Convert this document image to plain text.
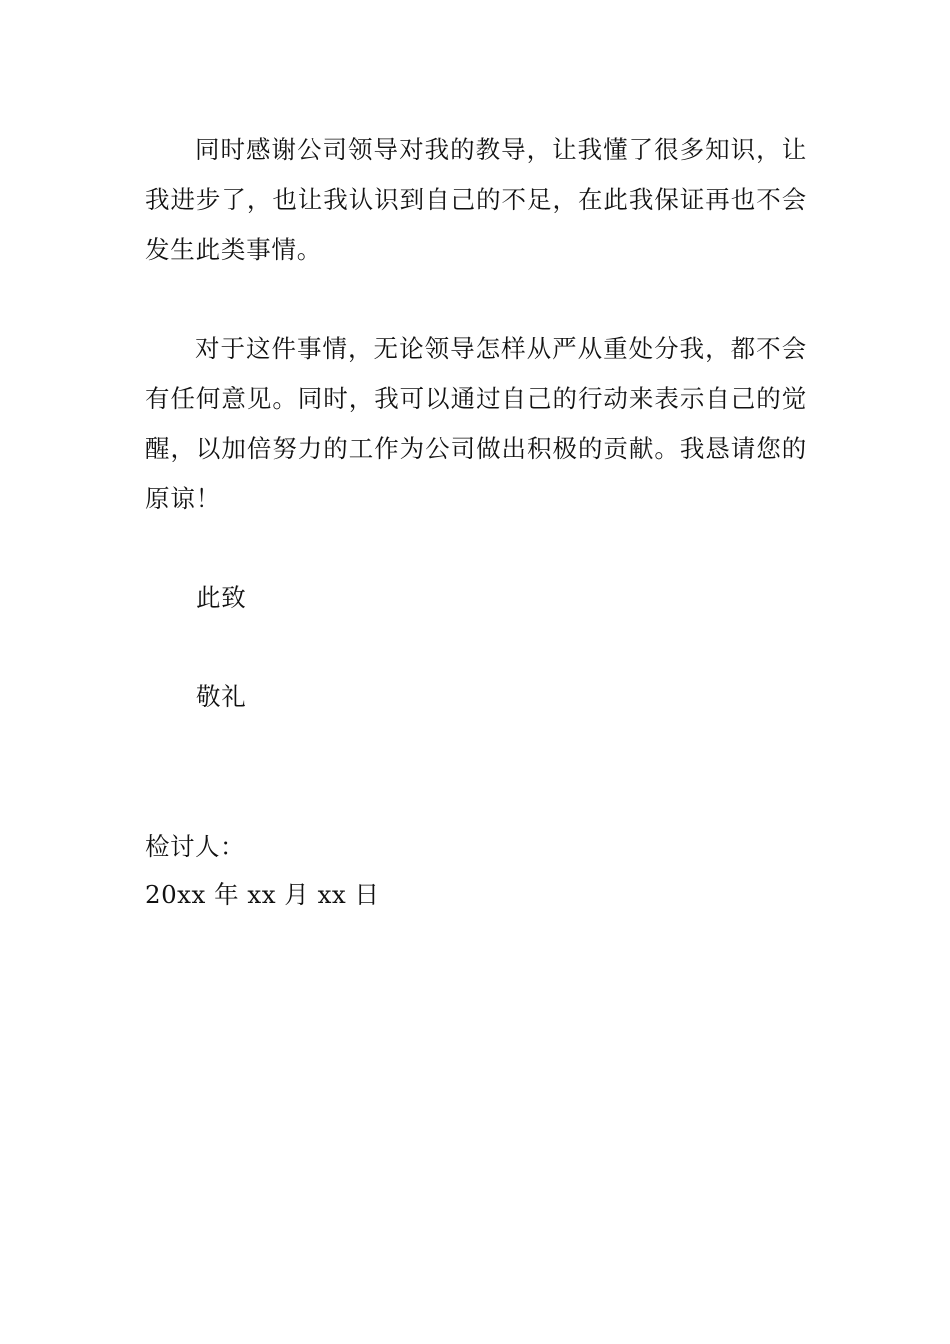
同时感谢公司领导对我的教导，让我懂了很多知识，让我进步了，也让我认识到自己的不足，在此我保证再也不会发生此类事情。

对于这件事情，无论领导怎样从严从重处分我，都不会有任何意见。同时，我可以通过自己的行动来表示自己的觉醒，以加倍努力的工作为公司做出积极的贡献。我恳请您的原谅！

此致

敬礼

检讨人：

20xx 年 xx 月 xx 日
